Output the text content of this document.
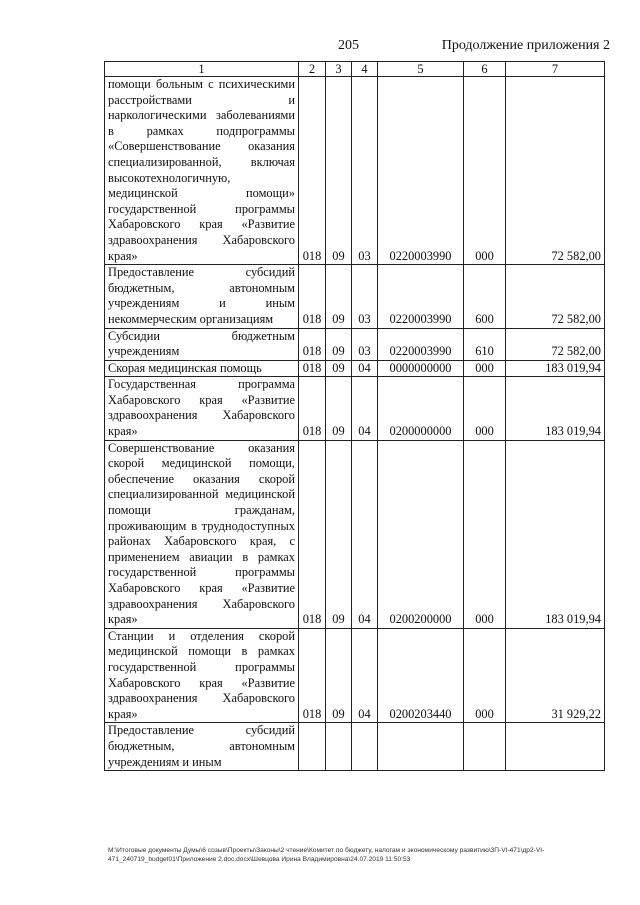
205	Продолжение приложения 2
1	2	3	4	5	6	7
помощи больным с психическими расстройствами и наркологическими заболеваниями в рамках подпрограммы «Совершенствование оказания специализированной, включая высокотехнологичную, медицинской помощи» государственной программы Хабаровского края «Развитие здравоохранения Хабаровского края»	018	09	03	0220003990	000	72 582,00
Предоставление субсидий бюджетным, автономным учреждениям и иным некоммерческим организациям	018	09	03	0220003990	600	72 582,00
Субсидии бюджетным учреждениям	018	09	03	0220003990	610	72 582,00
Скорая медицинская помощь	018	09	04	0000000000	000	183 019,94
Государственная программа Хабаровского края «Развитие здравоохранения Хабаровского края»	018	09	04	0200000000	000	183 019,94
Совершенствование оказания скорой медицинской помощи, обеспечение оказания скорой специализированной медицинской помощи гражданам, проживающим в труднодоступных районах Хабаровского края, с применением авиации в рамках государственной программы Хабаровского края «Развитие здравоохранения Хабаровского края»	018	09	04	0200200000	000	183 019,94
Станции и отделения скорой медицинской помощи в рамках государственной программы Хабаровского края «Развитие здравоохранения Хабаровского края»	018	09	04	0200203440	000	31 929,22
Предоставление субсидий бюджетным, автономным учреждениям и иным						
М:\Итоговые документы Думы\6 созыв\Проекты\Законы\2 чтение\Комитет по бюджету, налогам и экономическому развитию\3П-VI-471\др2-VI-471_240719_budget01\Приложение 2.doc.docx\Шевцова Ирина Владимировна\24.07.2019 11:50:53
